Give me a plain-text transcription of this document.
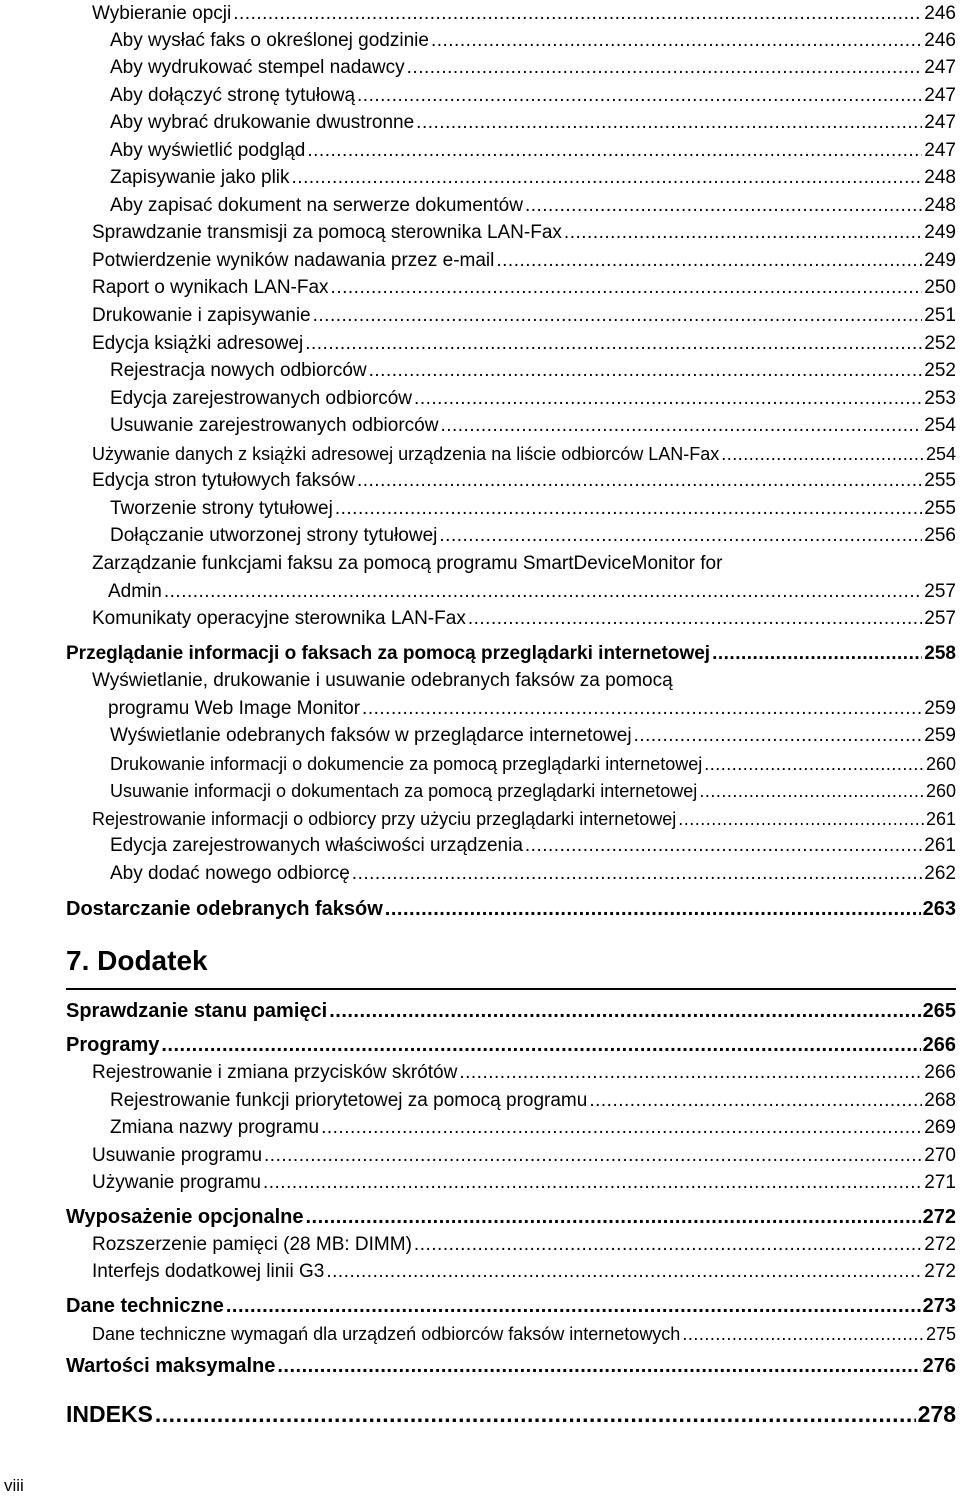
Wybieranie opcji .....	246
Aby wysłać faks o określonej godzinie .....	246
Aby wydrukować stempel nadawcy .....	247
Aby dołączyć stronę tytułową .....	247
Aby wybrać drukowanie dwustronne .....	247
Aby wyświetlić podgląd .....	247
Zapisywanie jako plik .....	248
Aby zapisać dokument na serwerze dokumentów .....	248
Sprawdzanie transmisji za pomocą sterownika LAN-Fax .....	249
Potwierdzenie wyników nadawania przez e-mail .....	249
Raport o wynikach LAN-Fax .....	250
Drukowanie i zapisywanie .....	251
Edycja książki adresowej .....	252
Rejestracja nowych odbiorców .....	252
Edycja zarejestrowanych odbiorców .....	253
Usuwanie zarejestrowanych odbiorców .....	254
Używanie danych z książki adresowej urządzenia na liście odbiorców LAN-Fax .....	254
Edycja stron tytułowych faksów .....	255
Tworzenie strony tytułowej .....	255
Dołączanie utworzonej strony tytułowej .....	256
Zarządzanie funkcjami faksu za pomocą programu SmartDeviceMonitor for
Admin .....	257
Komunikaty operacyjne sterownika LAN-Fax .....	257
Przeglądanie informacji o faksach za pomocą przeglądarki internetowej .....	258
Wyświetlanie, drukowanie i usuwanie odebranych faksów za pomocą
programu Web Image Monitor .....	259
Wyświetlanie odebranych faksów w przeglądarce internetowej .....	259
Drukowanie informacji o dokumencie za pomocą przeglądarki internetowej .....	260
Usuwanie informacji o dokumentach za pomocą przeglądarki internetowej .....	260
Rejestrowanie informacji o odbiorcy przy użyciu przeglądarki internetowej .....	261
Edycja zarejestrowanych właściwości urządzenia .....	261
Aby dodać nowego odbiorcę .....	262
Dostarczanie odebranych faksów .....	263
7. Dodatek
Sprawdzanie stanu pamięci .....	265
Programy .....	266
Rejestrowanie i zmiana przycisków skrótów .....	266
Rejestrowanie funkcji priorytetowej za pomocą programu .....	268
Zmiana nazwy programu .....	269
Usuwanie programu .....	270
Używanie programu .....	271
Wyposażenie opcjonalne .....	272
Rozszerzenie pamięci (28 MB: DIMM) .....	272
Interfejs dodatkowej linii G3 .....	272
Dane techniczne .....	273
Dane techniczne wymagań dla urządzeń odbiorców faksów internetowych .....	275
Wartości maksymalne .....	276
INDEKS .....	278
viii
